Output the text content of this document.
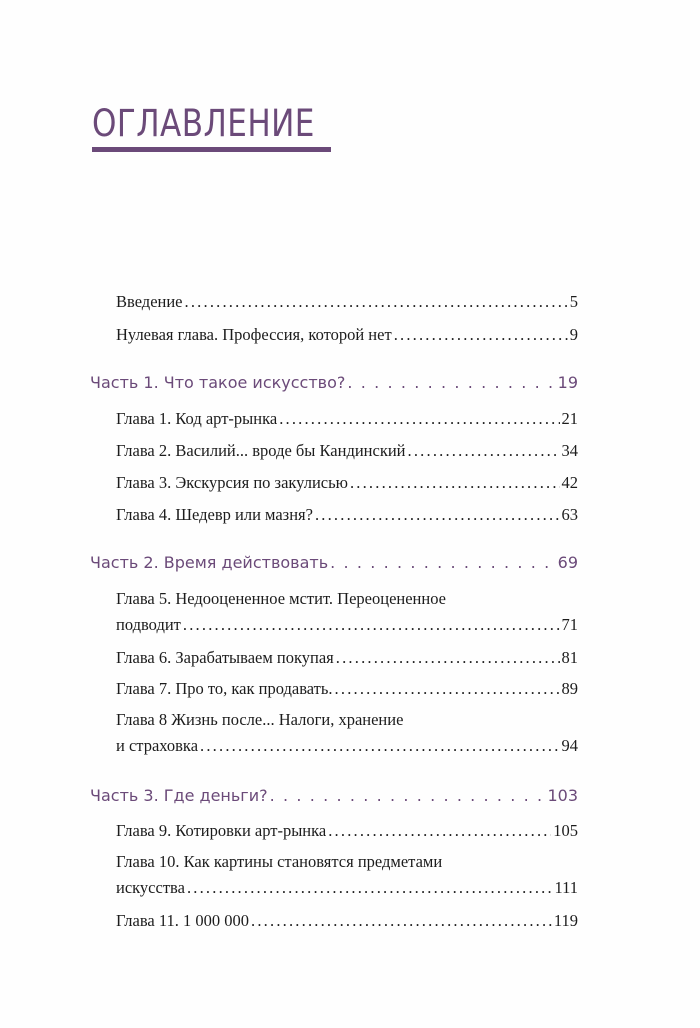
ОГЛАВЛЕНИЕ
Введение .....	5
Нулевая глава. Профессия, которой нет .....	9
Часть 1. Что такое искусство? . . .	19
Глава 1. Код арт-рынка .....	21
Глава 2. Василий... вроде бы Кандинский .....	34
Глава 3. Экскурсия по закулисью .....	42
Глава 4. Шедевр или мазня? .....	63
Часть 2. Время действовать . . .	69
Глава 5. Недооцененное мстит. Переоцененное
подводит .....	71
Глава 6. Зарабатываем покупая .....	81
Глава 7. Про то, как продавать. .....	89
Глава 8 Жизнь после... Налоги, хранение
и страховка .....	94
Часть 3. Где деньги? . . .	103
Глава 9. Котировки арт-рынка .....	105
Глава 10. Как картины становятся предметами
искусства .....	111
Глава 11. 1 000 000 .....	119
